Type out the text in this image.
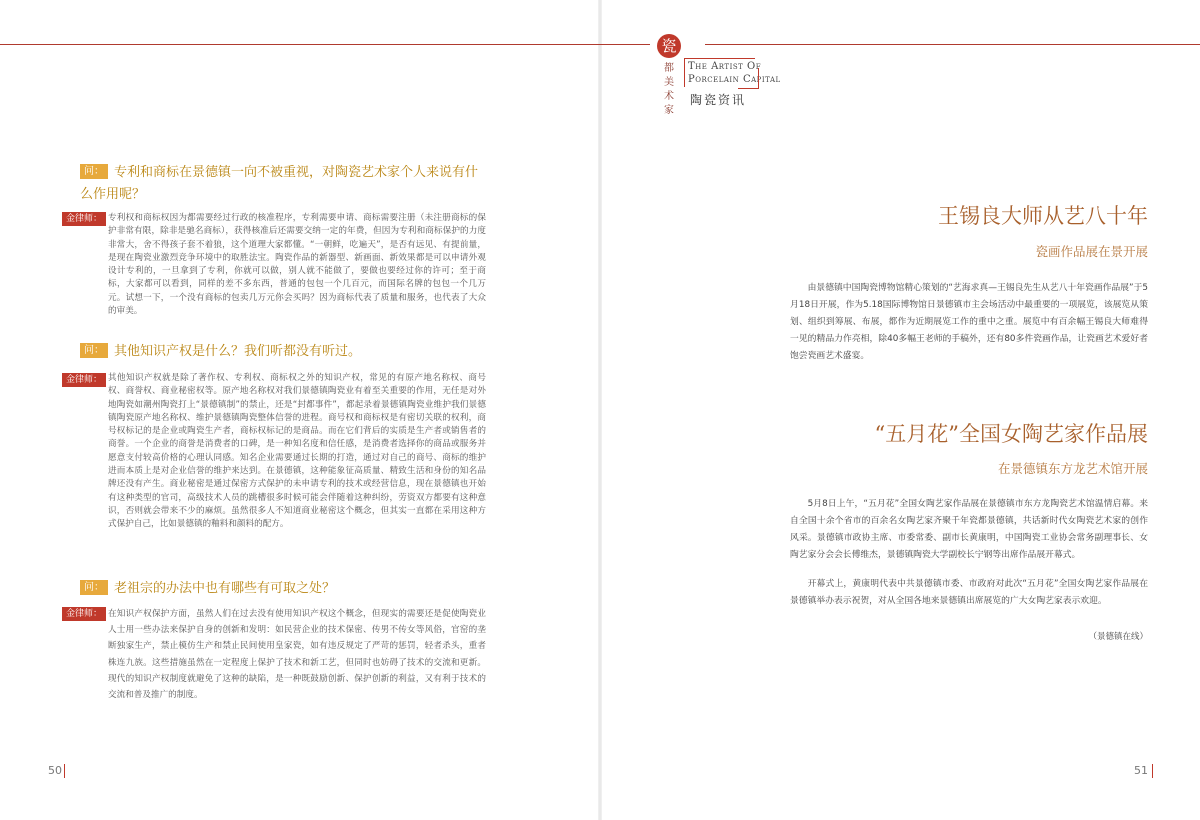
瓷
都美术家
The Artist Of
Porcelain Capital
陶瓷资讯
问： 专利和商标在景德镇一向不被重视，对陶瓷艺术家个人来说有什么作用呢？
金律师： 专利权和商标权因为都需要经过行政的核准程序，专利需要申请、商标需要注册（未注册商标的保护非常有限，除非是驰名商标），获得核准后还需要交纳一定的年费，但因为专利和商标保护的力度非常大，舍不得孩子套不着狼，这个道理大家都懂。“一朝鲜，吃遍天”，是否有远见、有提前量，是现在陶瓷业激烈竞争环境中的取胜法宝。陶瓷作品的新器型、新画面、新效果都是可以申请外观设计专利的，一旦拿到了专利，你就可以做，别人就不能做了，要做也要经过你的许可；至于商标，大家都可以看到，同样的差不多东西，普通的包包一个几百元，而国际名牌的包包一个几万元。试想一下，一个没有商标的包卖几万元你会买吗？因为商标代表了质量和服务，也代表了大众的审美。

问： 其他知识产权是什么？我们听都没有听过。
金律师： 其他知识产权就是除了著作权、专利权、商标权之外的知识产权，常见的有原产地名称权、商号权、商誉权、商业秘密权等。原产地名称权对我们景德镇陶瓷业有着至关重要的作用，无任是对外地陶瓷如潮州陶瓷打上“景德镇制”的禁止，还是“封都事件”，都起录着景德镇陶瓷业维护我们景德镇陶瓷原产地名称权、维护景德镇陶瓷整体信誉的进程。商号权和商标权是有密切关联的权利，商号权标记的是企业或陶瓷生产者，商标权标记的是商品。而在它们背后的实质是生产者或销售者的商誉。一个企业的商誉是消费者的口碑，是一种知名度和信任感，是消费者选择你的商品或服务并愿意支付较高价格的心理认同感。知名企业需要通过长期的打造，通过对自己的商号、商标的维护进而本质上是对企业信誉的维护来达到。在景德镇，这种能象征高质量、精致生活和身份的知名品牌还没有产生。商业秘密是通过保密方式保护的未申请专利的技术或经营信息，现在景德镇也开始有这种类型的官司，高级技术人员的跳槽很多时候可能会伴随着这种纠纷，劳资双方都要有这种意识，否则就会带来不少的麻烦。虽然很多人不知道商业秘密这个概念，但其实一直都在采用这种方式保护自己，比如景德镇的釉料和颜料的配方。

问： 老祖宗的办法中也有哪些有可取之处？
金律师： 在知识产权保护方面，虽然人们在过去没有使用知识产权这个概念，但现实的需要还是促使陶瓷业人士用一些办法来保护自身的创新和发明：如民营企业的技术保密、传男不传女等风俗，官窑的垄断独家生产，禁止模仿生产和禁止民间使用皇家瓷，如有违反规定了严苛的惩罚，轻者杀头，重者株连九族。这些措施虽然在一定程度上保护了技术和新工艺，但同时也妨碍了技术的交流和更新。现代的知识产权制度就避免了这种的缺陷，是一种既鼓励创新、保护创新的利益，又有利于技术的交流和普及推广的制度。

王锡良大师从艺八十年
瓷画作品展在景开展

由景德镇中国陶瓷博物馆精心策划的“艺海求真—王锡良先生从艺八十年瓷画作品展”于5月18日开展，作为5.18国际博物馆日景德镇市主会场活动中最重要的一项展览，该展览从策划、组织到筹展、布展，都作为近期展览工作的重中之重。展览中有百余幅王锡良大师难得一见的精品力作亮相，除40多幅王老师的手稿外，还有80多件瓷画作品，让瓷画艺术爱好者饱尝瓷画艺术盛宴。

“五月花”全国女陶艺家作品展
在景德镇东方龙艺术馆开展

5月8日上午，“五月花”全国女陶艺家作品展在景德镇市东方龙陶瓷艺术馆温情启幕。来自全国十余个省市的百余名女陶艺家齐聚千年瓷都景德镇，共话新时代女陶瓷艺术家的创作风采。景德镇市政协主席、市委常委、副市长黄康明，中国陶瓷工业协会常务副理事长、女陶艺家分会会长傅维杰，景德镇陶瓷大学副校长宁钢等出席作品展开幕式。

开幕式上，黄康明代表中共景德镇市委、市政府对此次“五月花”全国女陶艺家作品展在景德镇举办表示祝贺，对从全国各地来景德镇出席展览的广大女陶艺家表示欢迎。

（景德镇在线）
50	51
